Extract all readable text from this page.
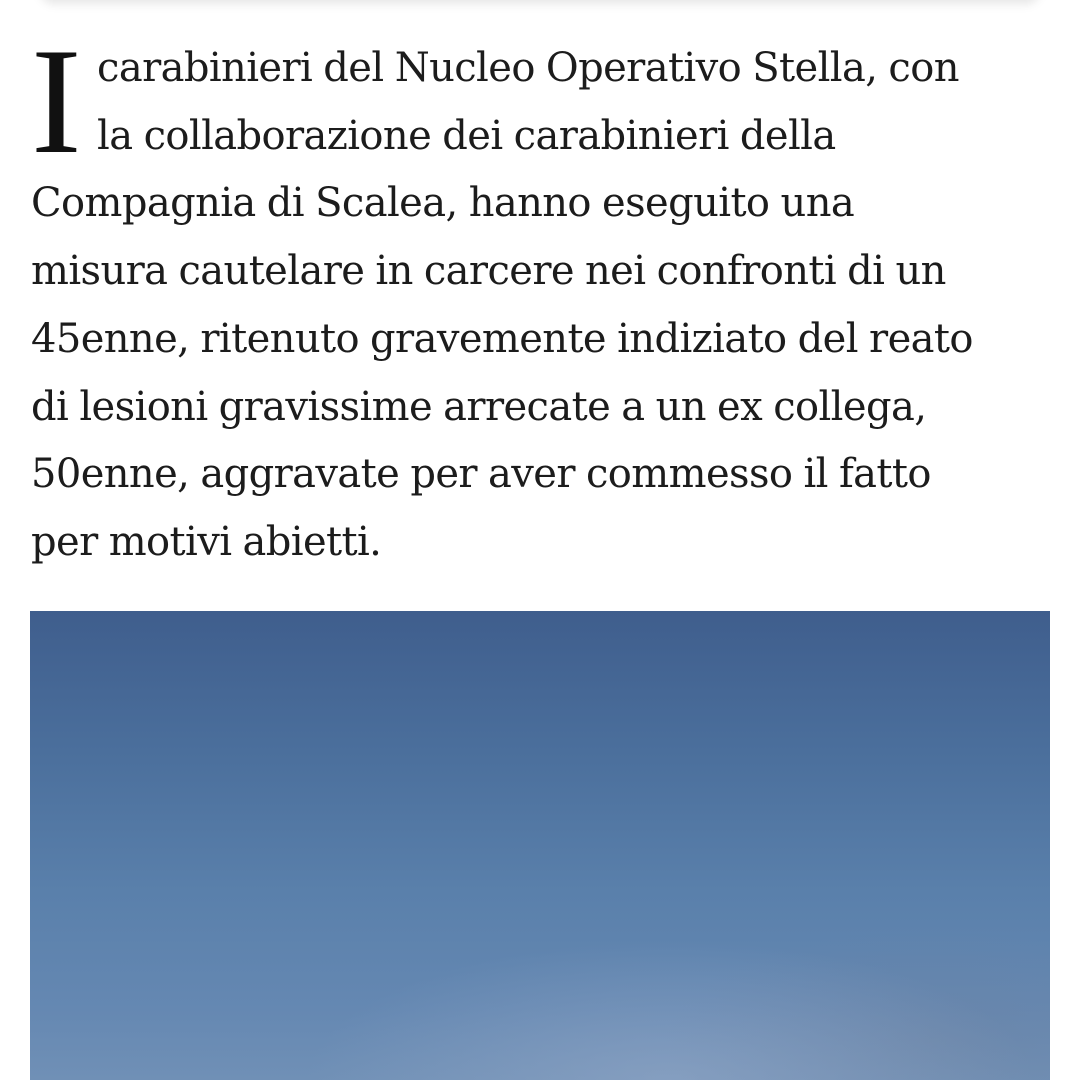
I carabinieri del Nucleo Operativo Stella, con
la collaborazione dei carabinieri della
Compagnia di Scalea, hanno eseguito una
misura cautelare in carcere nei confronti di un
45enne, ritenuto gravemente indiziato del reato
di lesioni gravissime arrecate a un ex collega,
50enne, aggravate per aver commesso il fatto
per motivi abietti.
